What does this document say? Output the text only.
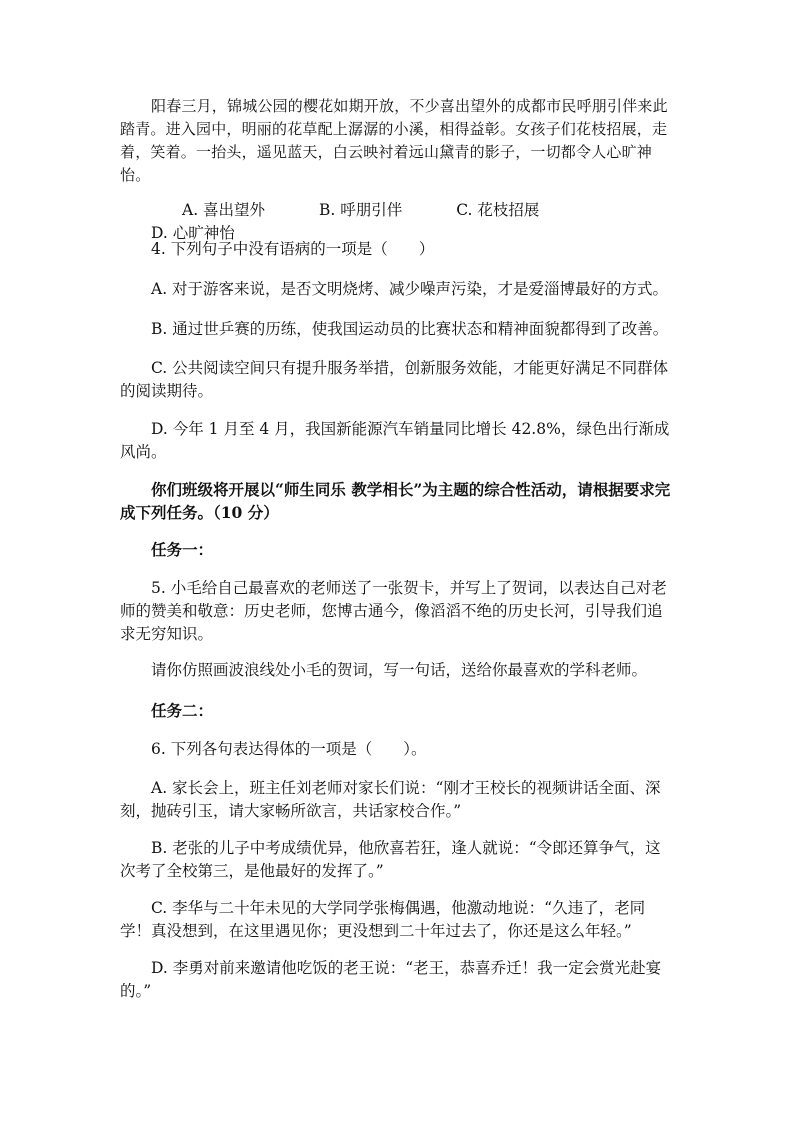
阳春三月，锦城公园的樱花如期开放，不少喜出望外的成都市民呼朋引伴来此踏青。进入园中，明丽的花草配上潺潺的小溪，相得益彰。女孩子们花枝招展，走着，笑着。一抬头，遥见蓝天，白云映衬着远山黛青的影子，一切都令人心旷神怡。

A. 喜出望外	B. 呼朋引伴	C. 花枝招展 D. 心旷神怡

4. 下列句子中没有语病的一项是（　　）

A. 对于游客来说，是否文明烧烤、减少噪声污染，才是爱淄博最好的方式。

B. 通过世乒赛的历练，使我国运动员的比赛状态和精神面貌都得到了改善。

C. 公共阅读空间只有提升服务举措，创新服务效能，才能更好满足不同群体的阅读期待。

D. 今年 1 月至 4 月，我国新能源汽车销量同比增长 42.8%，绿色出行渐成风尚。

你们班级将开展以“师生同乐 教学相长”为主题的综合性活动，请根据要求完成下列任务。（10 分）

任务一：

5. 小毛给自己最喜欢的老师送了一张贺卡，并写上了贺词，以表达自己对老师的赞美和敬意：历史老师，您博古通今，像滔滔不绝的历史长河，引导我们追求无穷知识。

请你仿照画波浪线处小毛的贺词，写一句话，送给你最喜欢的学科老师。

任务二：

6. 下列各句表达得体的一项是（　　）。

A. 家长会上，班主任刘老师对家长们说：“刚才王校长的视频讲话全面、深刻，抛砖引玉，请大家畅所欲言，共话家校合作。”

B. 老张的儿子中考成绩优异，他欣喜若狂，逢人就说：“令郎还算争气，这次考了全校第三，是他最好的发挥了。”

C. 李华与二十年未见的大学同学张梅偶遇，他激动地说：“久违了，老同学！真没想到，在这里遇见你；更没想到二十年过去了，你还是这么年轻。”

D. 李勇对前来邀请他吃饭的老王说：“老王，恭喜乔迁！我一定会赏光赴宴的。”
